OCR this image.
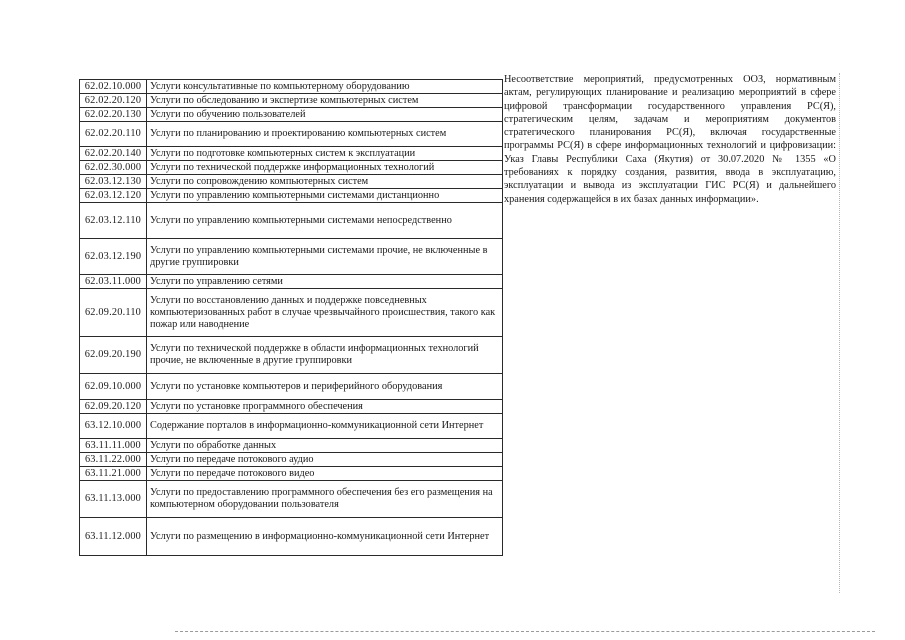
62.02.10.000	Услуги консультативные по компьютерному оборудованию
62.02.20.120	Услуги по обследованию и экспертизе компьютерных систем
62.02.20.130	Услуги по обучению пользователей
62.02.20.110	Услуги по планированию и проектированию компьютерных систем
62.02.20.140	Услуги по подготовке компьютерных систем к эксплуатации
62.02.30.000	Услуги по технической поддержке информационных технологий
62.03.12.130	Услуги по сопровождению компьютерных систем
62.03.12.120	Услуги по управлению компьютерными системами дистанционно
62.03.12.110	Услуги по управлению компьютерными системами непосредственно
62.03.12.190	Услуги по управлению компьютерными системами прочие, не включенные в другие группировки
62.03.11.000	Услуги по управлению сетями
62.09.20.110	Услуги по восстановлению данных и поддержке повседневных компьютеризованных работ в случае чрезвычайного происшествия, такого как пожар или наводнение
62.09.20.190	Услуги по технической поддержке в области информационных технологий прочие, не включенные в другие группировки
62.09.10.000	Услуги по установке компьютеров и периферийного оборудования
62.09.20.120	Услуги по установке программного обеспечения
63.12.10.000	Содержание порталов в информационно-коммуникационной сети Интернет
63.11.11.000	Услуги по обработке данных
63.11.22.000	Услуги по передаче потокового аудио
63.11.21.000	Услуги по передаче потокового видео
63.11.13.000	Услуги по предоставлению программного обеспечения без его размещения на компьютерном оборудовании пользователя
63.11.12.000	Услуги по размещению в информационно-коммуникационной сети Интернет

Несоответствие мероприятий, предусмотренных ООЗ, нормативным актам, регулирующих планирование и реализацию мероприятий в сфере цифровой трансформации государственного управления РС(Я), стратегическим целям, задачам и мероприятиям документов стратегического планирования РС(Я), включая государственные программы РС(Я) в сфере информационных технологий и цифровизации: Указ Главы Республики Саха (Якутия) от 30.07.2020 № 1355 «О требованиях к порядку создания, развития, ввода в эксплуатацию, эксплуатации и вывода из эксплуатации ГИС РС(Я) и дальнейшего хранения содержащейся в их базах данных информации».
